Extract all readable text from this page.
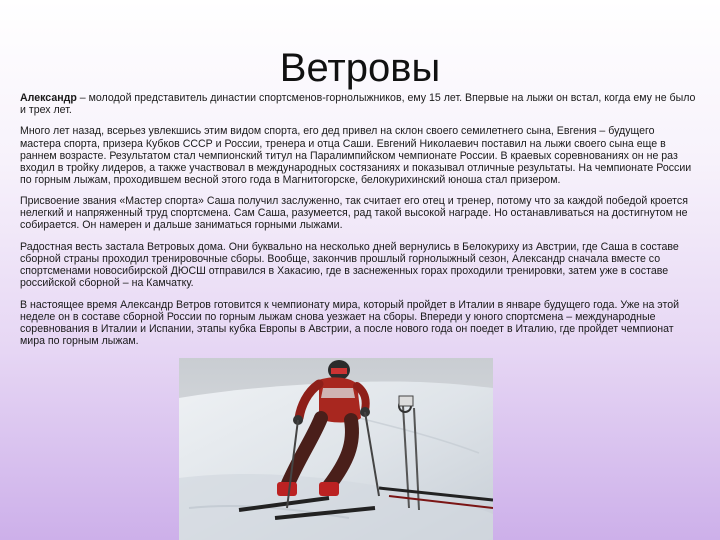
Ветровы

Александр – молодой представитель династии спортсменов-горнолыжников, ему 15 лет. Впервые на лыжи он встал, когда ему не было и трех лет.

Много лет назад, всерьез увлекшись этим видом спорта, его дед привел на склон своего семилетнего сына, Евгения – будущего мастера спорта, призера Кубков СССР и России, тренера и отца Саши. Евгений Николаевич поставил на лыжи своего сына еще в раннем возрасте. Результатом стал чемпионский титул на Паралимпийском чемпионате России. В краевых соревнованиях он не раз входил в тройку лидеров, а также участвовал в международных состязаниях и показывал отличные результаты. На чемпионате России по горным лыжам, проходившем весной этого года в Магнитогорске, белокурихинский юноша стал призером.

Присвоение звания «Мастер спорта» Саша получил заслуженно, так считает его отец и тренер, потому что за каждой победой кроется нелегкий и напряженный труд спортсмена. Сам Саша, разумеется, рад такой высокой награде. Но останавливаться на достигнутом не собирается. Он намерен и дальше заниматься горными лыжами.

Радостная весть застала Ветровых дома. Они буквально на несколько дней вернулись в Белокуриху из Австрии, где Саша в составе сборной страны проходил тренировочные сборы. Вообще, закончив прошлый горнолыжный сезон, Александр сначала вместе со спортсменами новосибирской ДЮСШ отправился в Хакасию, где в заснеженных горах проходили тренировки, затем уже в составе российской сборной – на Камчатку.

В настоящее время Александр Ветров готовится к чемпионату мира, который пройдет в Италии в январе будущего года. Уже на этой неделе он в составе сборной России по горным лыжам снова уезжает на сборы. Впереди у юного спортсмена – международные соревнования в Италии и Испании, этапы кубка Европы в Австрии, а после нового года он поедет в Италию, где пройдет чемпионат мира по горным лыжам.
